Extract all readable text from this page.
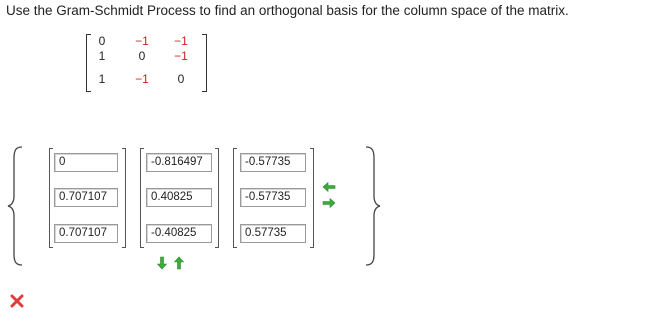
Use the Gram-Schmidt Process to find an orthogonal basis for the column space of the matrix.
0	−1	−1
1	0	−1
1	−1	0
0
0.707107
0.707107
-0.816497
0.40825
-0.40825
-0.57735
-0.57735
0.57735
